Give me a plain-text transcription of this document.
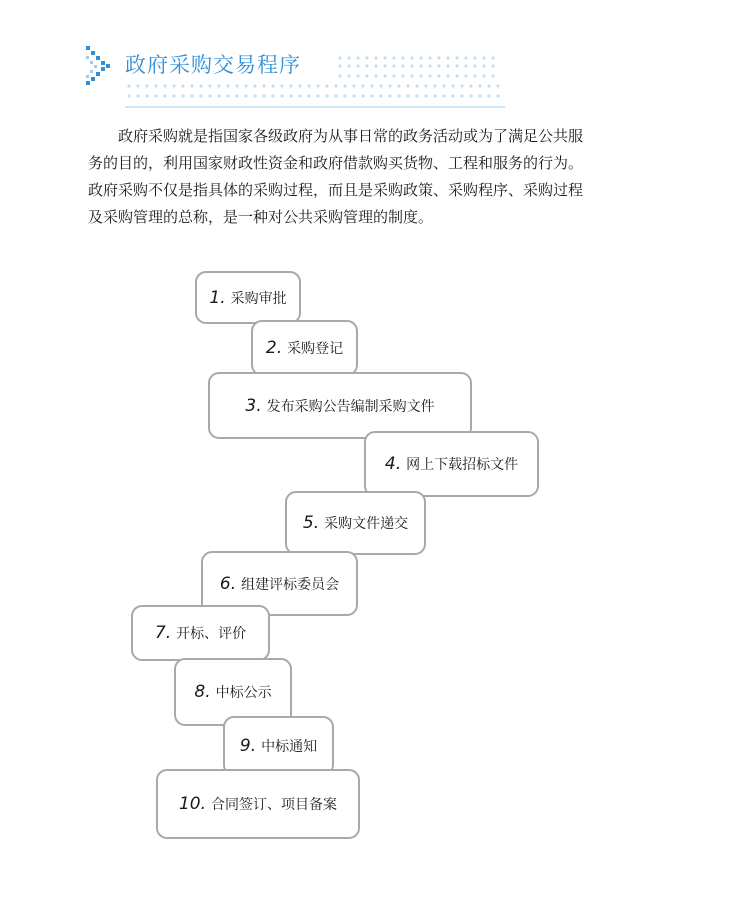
政府采购交易程序
政府采购就是指国家各级政府为从事日常的政务活动或为了满足公共服
务的目的，利用国家财政性资金和政府借款购买货物、工程和服务的行为。
政府采购不仅是指具体的采购过程，而且是采购政策、采购程序、采购过程
及采购管理的总称，是一种对公共采购管理的制度。
1. 采购审批
2. 采购登记
3. 发布采购公告编制采购文件
4. 网上下载招标文件
5. 采购文件递交
6. 组建评标委员会
7. 开标、评价
8. 中标公示
9. 中标通知
10. 合同签订、项目备案
